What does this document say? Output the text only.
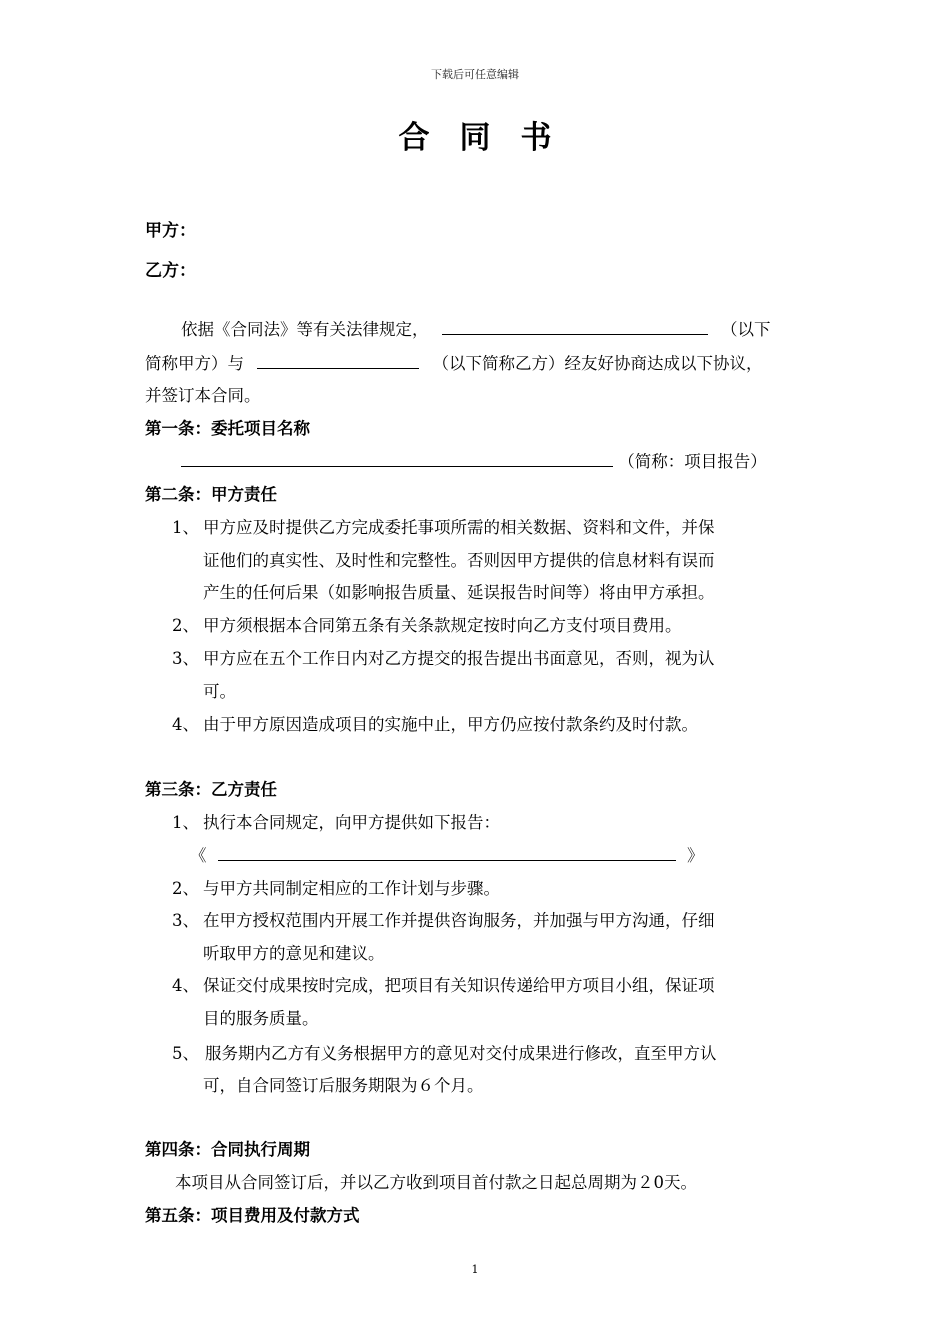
下载后可任意编辑
合同书
甲方：
乙方：
依据《合同法》等有关法律规定，	（以下
简称甲方）与	（以下简称乙方）经友好协商达成以下协议，
并签订本合同。
第一条：委托项目名称
（简称：项目报告）
第二条：甲方责任
1、 甲方应及时提供乙方完成委托事项所需的相关数据、资料和文件，并保
证他们的真实性、及时性和完整性。否则因甲方提供的信息材料有误而
产生的任何后果（如影响报告质量、延误报告时间等）将由甲方承担。
2、 甲方须根据本合同第五条有关条款规定按时向乙方支付项目费用。
3、 甲方应在五个工作日内对乙方提交的报告提出书面意见，否则，视为认
可。
4、 由于甲方原因造成项目的实施中止，甲方仍应按付款条约及时付款。
第三条：乙方责任
1、 执行本合同规定，向甲方提供如下报告：
《	》
2、 与甲方共同制定相应的工作计划与步骤。
3、 在甲方授权范围内开展工作并提供咨询服务，并加强与甲方沟通，仔细
听取甲方的意见和建议。
4、 保证交付成果按时完成，把项目有关知识传递给甲方项目小组，保证项
目的服务质量。
5、 服务期内乙方有义务根据甲方的意见对交付成果进行修改，直至甲方认
可，自合同签订后服务期限为６个月。
第四条：合同执行周期
本项目从合同签订后，并以乙方收到项目首付款之日起总周期为２0天。
第五条：项目费用及付款方式
1
